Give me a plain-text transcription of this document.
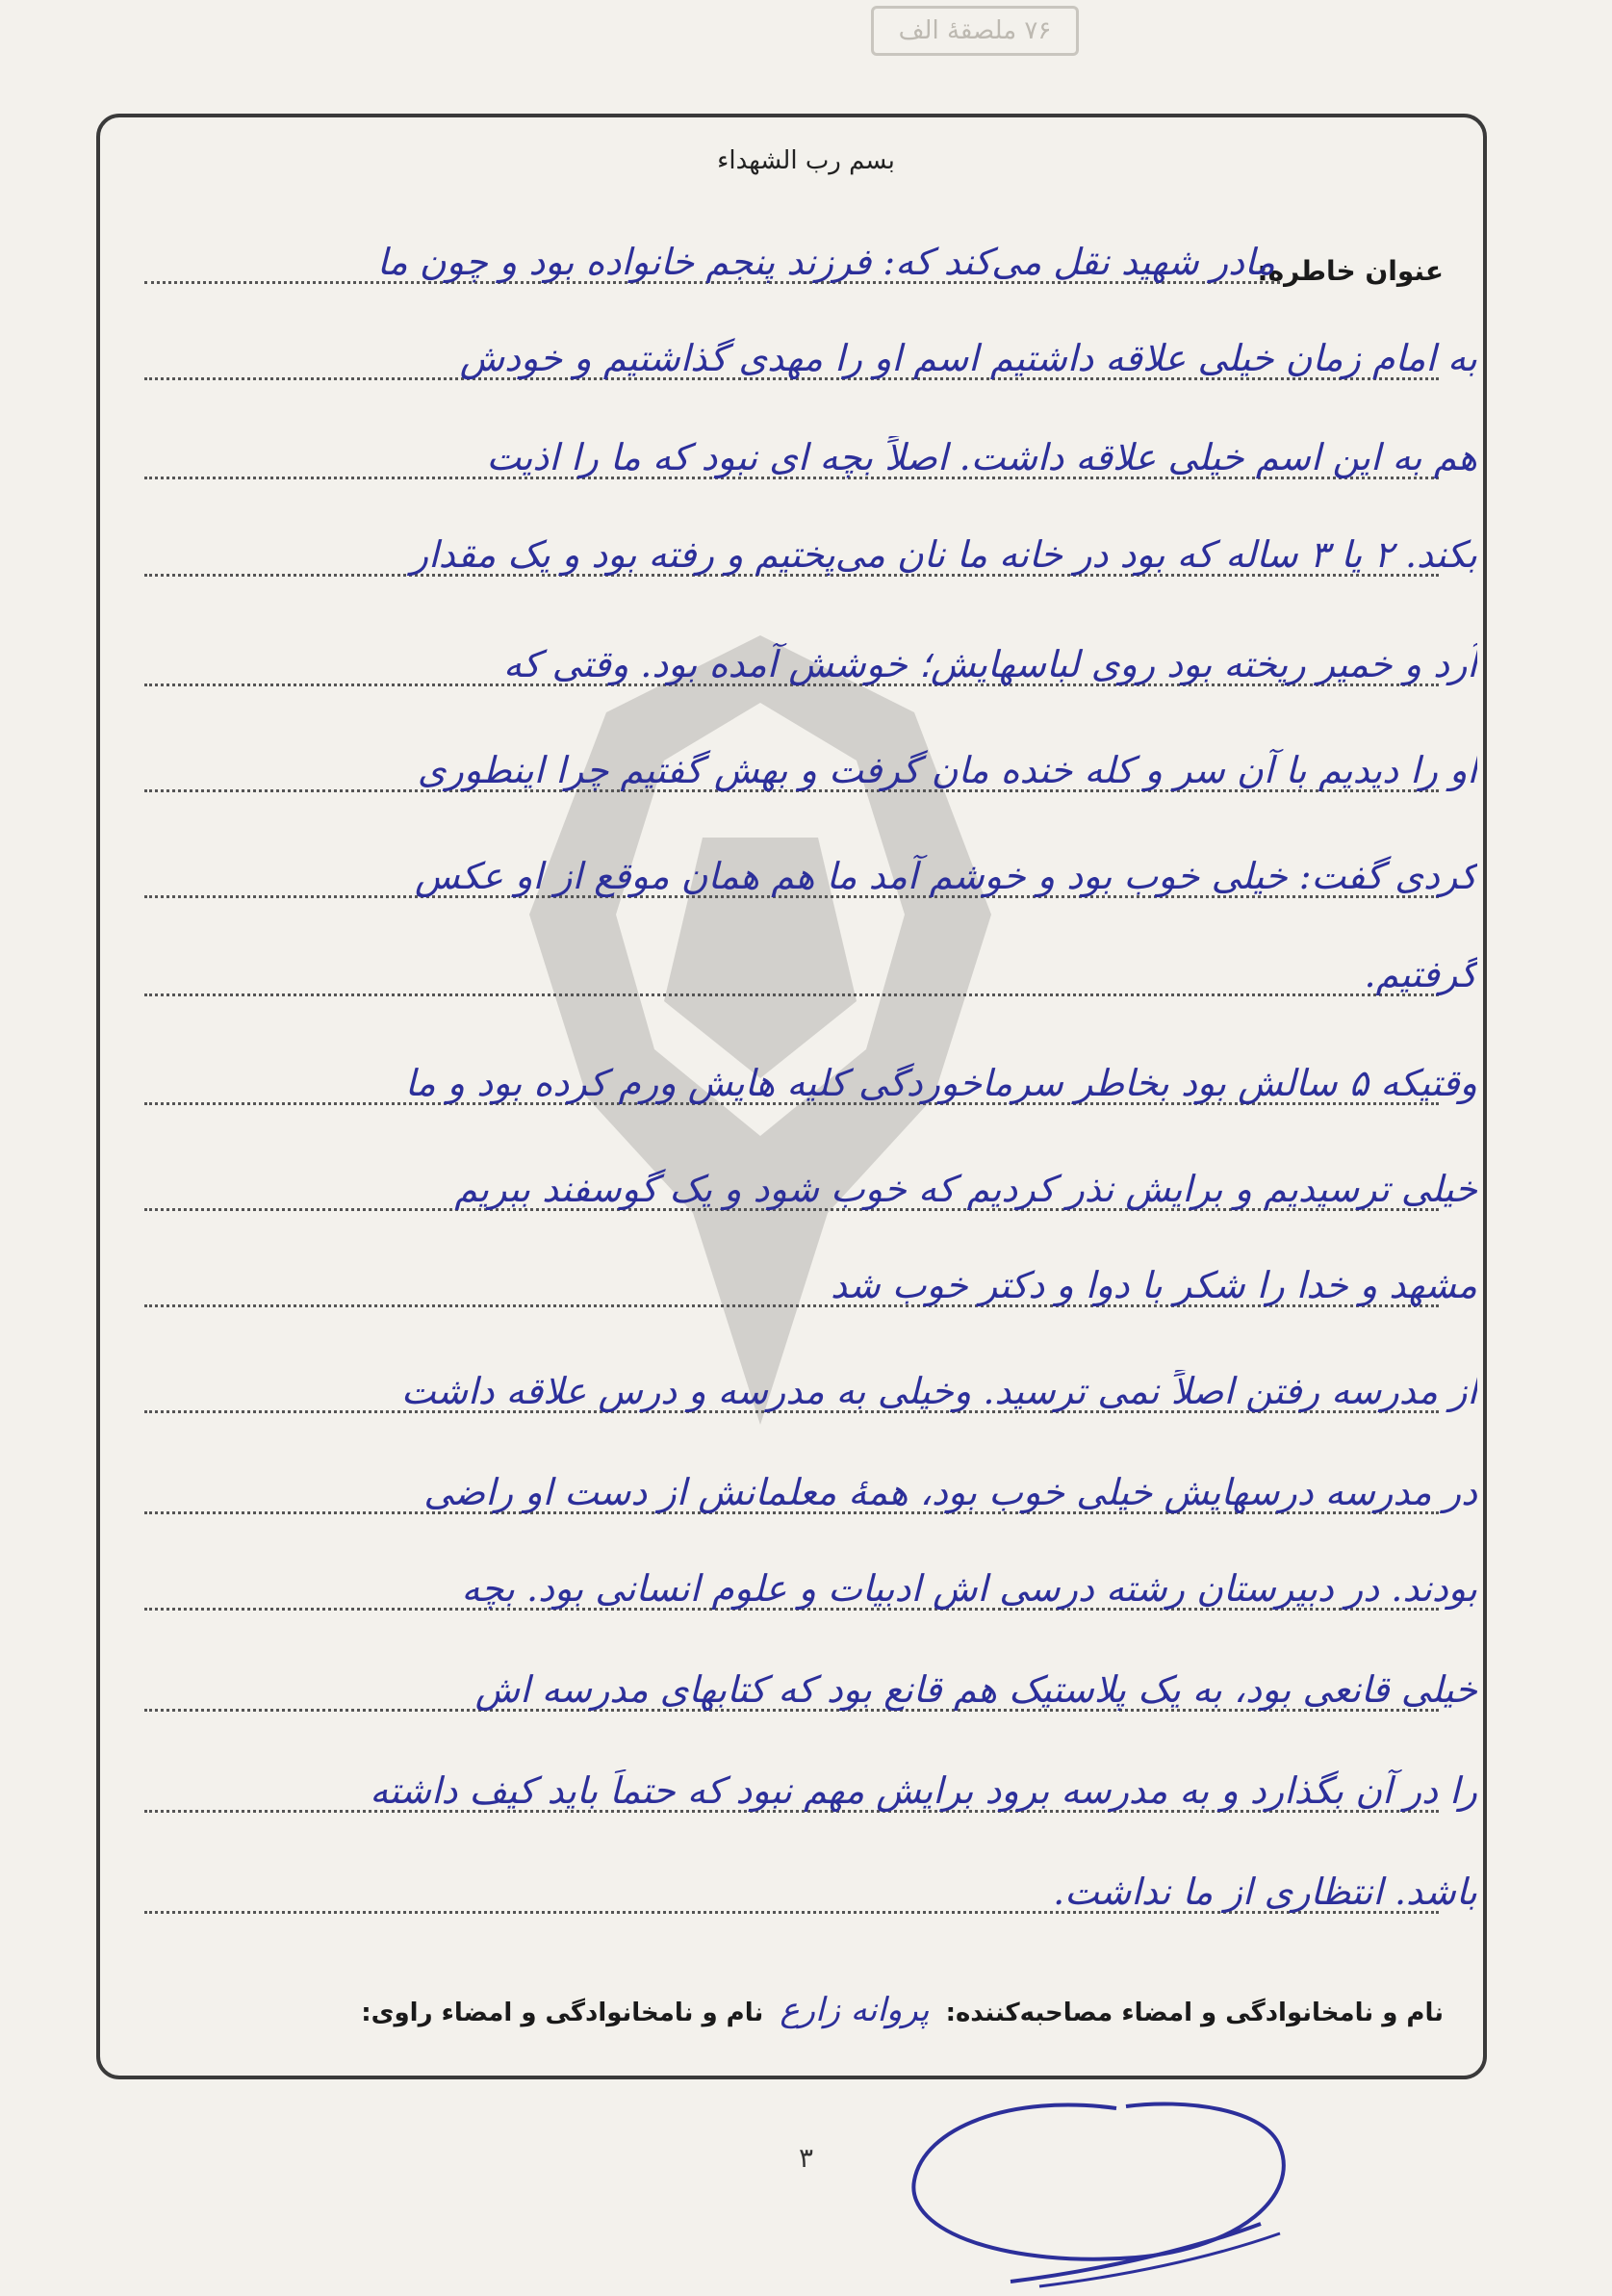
۷۶ ملصقۀ الف
بسم رب الشهداء
عنوان خاطره:
مادر شهید نقل می‌کند که: فرزند پنجم خانواده بود و چون ما
به امام زمان خیلی علاقه داشتیم اسم او را مهدی گذاشتیم و خودش
هم به این اسم خیلی علاقه داشت. اصلاً بچه ای نبود که ما را اذیت
بکند. ۲ یا ۳ ساله که بود در خانه ما نان می‌پختیم و رفته بود و یک مقدار
آرد و خمیر ریخته بود روی لباسهایش؛ خوشش آمده بود. وقتی که
او را دیدیم با آن سر و کله خنده مان گرفت و بهش گفتیم چرا اینطوری
کردی گفت: خیلی خوب بود و خوشم آمد ما هم همان موقع از او عکس
گرفتیم.
وقتیکه ۵ سالش بود بخاطر سرماخوردگی کلیه هایش ورم کرده بود و ما
خیلی ترسیدیم و برایش نذر کردیم که خوب شود و یک گوسفند ببریم
مشهد و خدا را شکر با دوا و دکتر خوب شد
از مدرسه رفتن اصلاً نمی ترسید. وخیلی به مدرسه و درس علاقه داشت
در مدرسه درسهایش خیلی خوب بود، همهٔ معلمانش از دست او راضی
بودند. در دبیرستان رشته درسی اش ادبیات و علوم انسانی بود. بچه
خیلی قانعی بود، به یک پلاستیک هم قانع بود که کتابهای مدرسه اش
را در آن بگذارد و به مدرسه برود برایش مهم نبود که حتماً باید کیف داشته
باشد. انتظاری از ما نداشت.
نام و نامخانوادگی و امضاء مصاحبه‌کننده: پروانه زارع نام و نامخانوادگی و امضاء راوی:
۳
